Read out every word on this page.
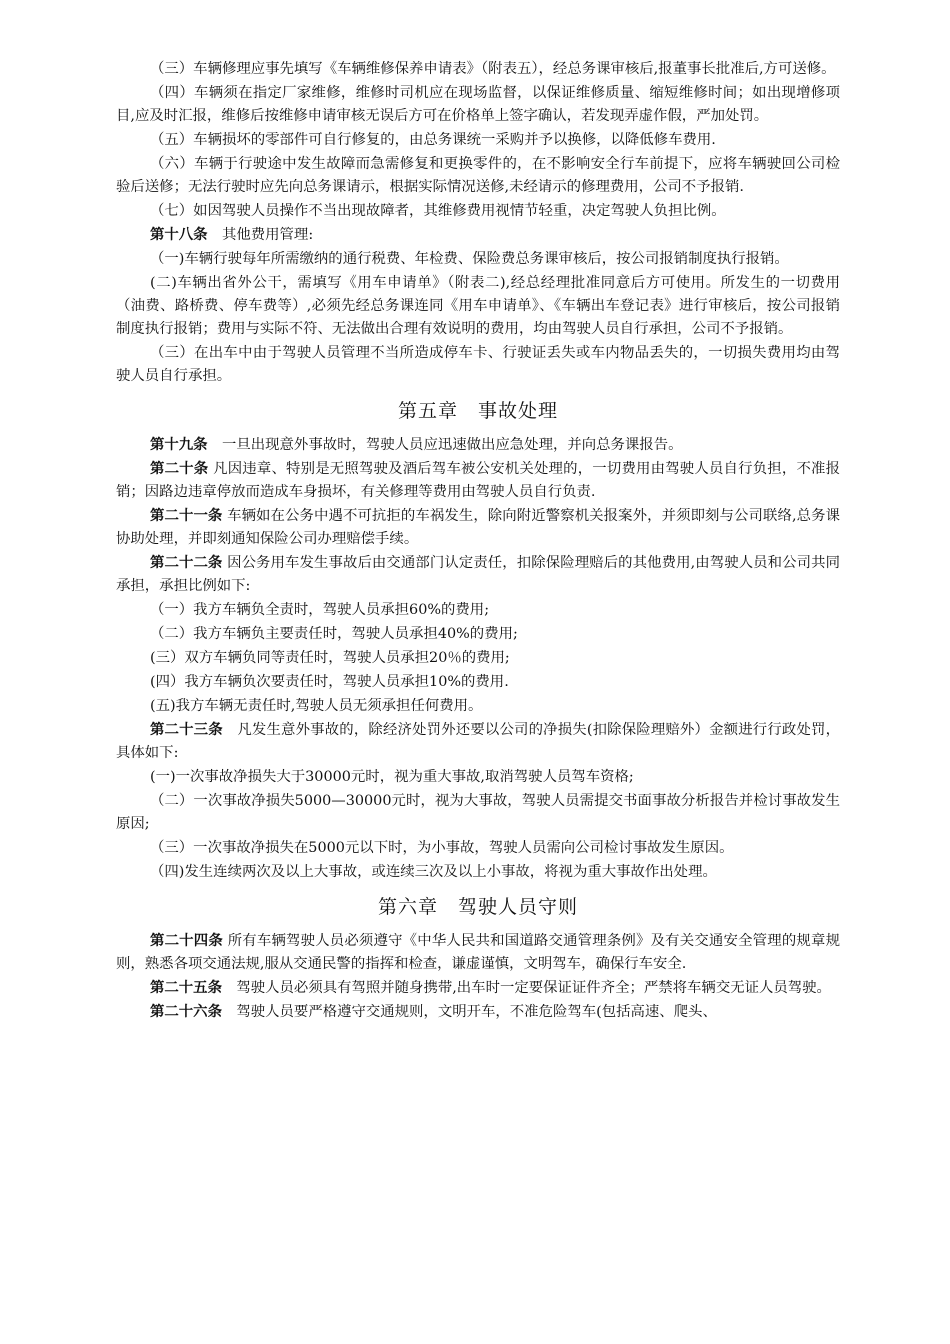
（三）车辆修理应事先填写《车辆维修保养申请表》（附表五），经总务课审核后,报董事长批准后,方可送修。

（四）车辆须在指定厂家维修，维修时司机应在现场监督，以保证维修质量、缩短维修时间；如出现增修项目,应及时汇报，维修后按维修申请审核无误后方可在价格单上签字确认，若发现弄虚作假，严加处罚。

（五）车辆损坏的零部件可自行修复的，由总务课统一采购并予以换修，以降低修车费用.

（六）车辆于行驶途中发生故障而急需修复和更换零件的，在不影响安全行车前提下，应将车辆驶回公司检验后送修；无法行驶时应先向总务课请示，根据实际情况送修,未经请示的修理费用，公司不予报销.

（七）如因驾驶人员操作不当出现故障者，其维修费用视情节轻重，决定驾驶人负担比例。

第十八条　其他费用管理:

（一)车辆行驶每年所需缴纳的通行税费、年检费、保险费总务课审核后，按公司报销制度执行报销。

(二)车辆出省外公干，需填写《用车申请单》（附表二),经总经理批准同意后方可使用。所发生的一切费用（油费、路桥费、停车费等）,必须先经总务课连同《用车申请单》、《车辆出车登记表》进行审核后，按公司报销制度执行报销；费用与实际不符、无法做出合理有效说明的费用，均由驾驶人员自行承担，公司不予报销。

（三）在出车中由于驾驶人员管理不当所造成停车卡、行驶证丢失或车内物品丢失的，一切损失费用均由驾驶人员自行承担。

第五章　事故处理

第十九条　一旦出现意外事故时，驾驶人员应迅速做出应急处理，并向总务课报告。

第二十条 凡因违章、特别是无照驾驶及酒后驾车被公安机关处理的，一切费用由驾驶人员自行负担，不准报销；因路边违章停放而造成车身损坏，有关修理等费用由驾驶人员自行负责.

第二十一条 车辆如在公务中遇不可抗拒的车祸发生，除向附近警察机关报案外，并须即刻与公司联络,总务课协助处理，并即刻通知保险公司办理赔偿手续。

第二十二条 因公务用车发生事故后由交通部门认定责任，扣除保险理赔后的其他费用,由驾驶人员和公司共同承担，承担比例如下:

（一）我方车辆负全责时，驾驶人员承担60%的费用;
（二）我方车辆负主要责任时，驾驶人员承担40%的费用;
(三）双方车辆负同等责任时，驾驶人员承担20％的费用;
(四）我方车辆负次要责任时，驾驶人员承担10%的费用.
(五)我方车辆无责任时,驾驶人员无须承担任何费用。

第二十三条　凡发生意外事故的，除经济处罚外还要以公司的净损失(扣除保险理赔外）金额进行行政处罚，具体如下:

(一)一次事故净损失大于30000元时，视为重大事故,取消驾驶人员驾车资格;

（二）一次事故净损失5000—30000元时，视为大事故，驾驶人员需提交书面事故分析报告并检讨事故发生原因;

（三）一次事故净损失在5000元以下时，为小事故，驾驶人员需向公司检讨事故发生原因。

（四)发生连续两次及以上大事故，或连续三次及以上小事故，将视为重大事故作出处理。

第六章　驾驶人员守则

第二十四条 所有车辆驾驶人员必须遵守《中华人民共和国道路交通管理条例》及有关交通安全管理的规章规则，熟悉各项交通法规,服从交通民警的指挥和检查，谦虚谨慎，文明驾车，确保行车安全.

第二十五条　驾驶人员必须具有驾照并随身携带,出车时一定要保证证件齐全；严禁将车辆交无证人员驾驶。

第二十六条　驾驶人员要严格遵守交通规则，文明开车，不准危险驾车(包括高速、爬头、
